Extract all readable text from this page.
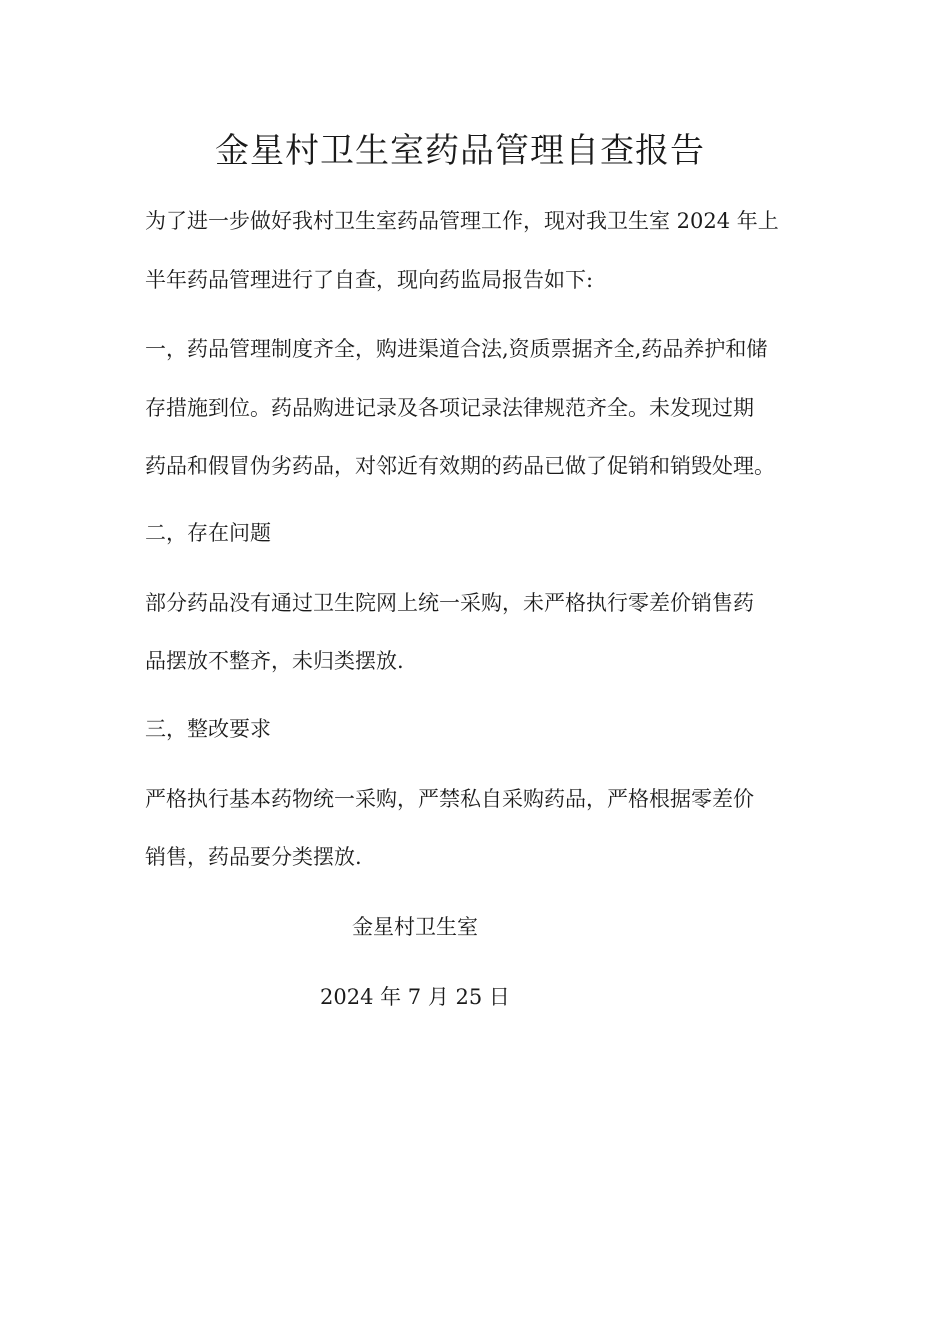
金星村卫生室药品管理自查报告
为了进一步做好我村卫生室药品管理工作，现对我卫生室 2024 年上
半年药品管理进行了自查，现向药监局报告如下:
一，药品管理制度齐全，购进渠道合法,资质票据齐全,药品养护和储
存措施到位。药品购进记录及各项记录法律规范齐全。未发现过期
药品和假冒伪劣药品，对邻近有效期的药品已做了促销和销毁处理。
二，存在问题
部分药品没有通过卫生院网上统一采购，未严格执行零差价销售药
品摆放不整齐，未归类摆放.
三，整改要求
严格执行基本药物统一采购，严禁私自采购药品，严格根据零差价
销售，药品要分类摆放.
金星村卫生室
2024 年 7 月 25 日
